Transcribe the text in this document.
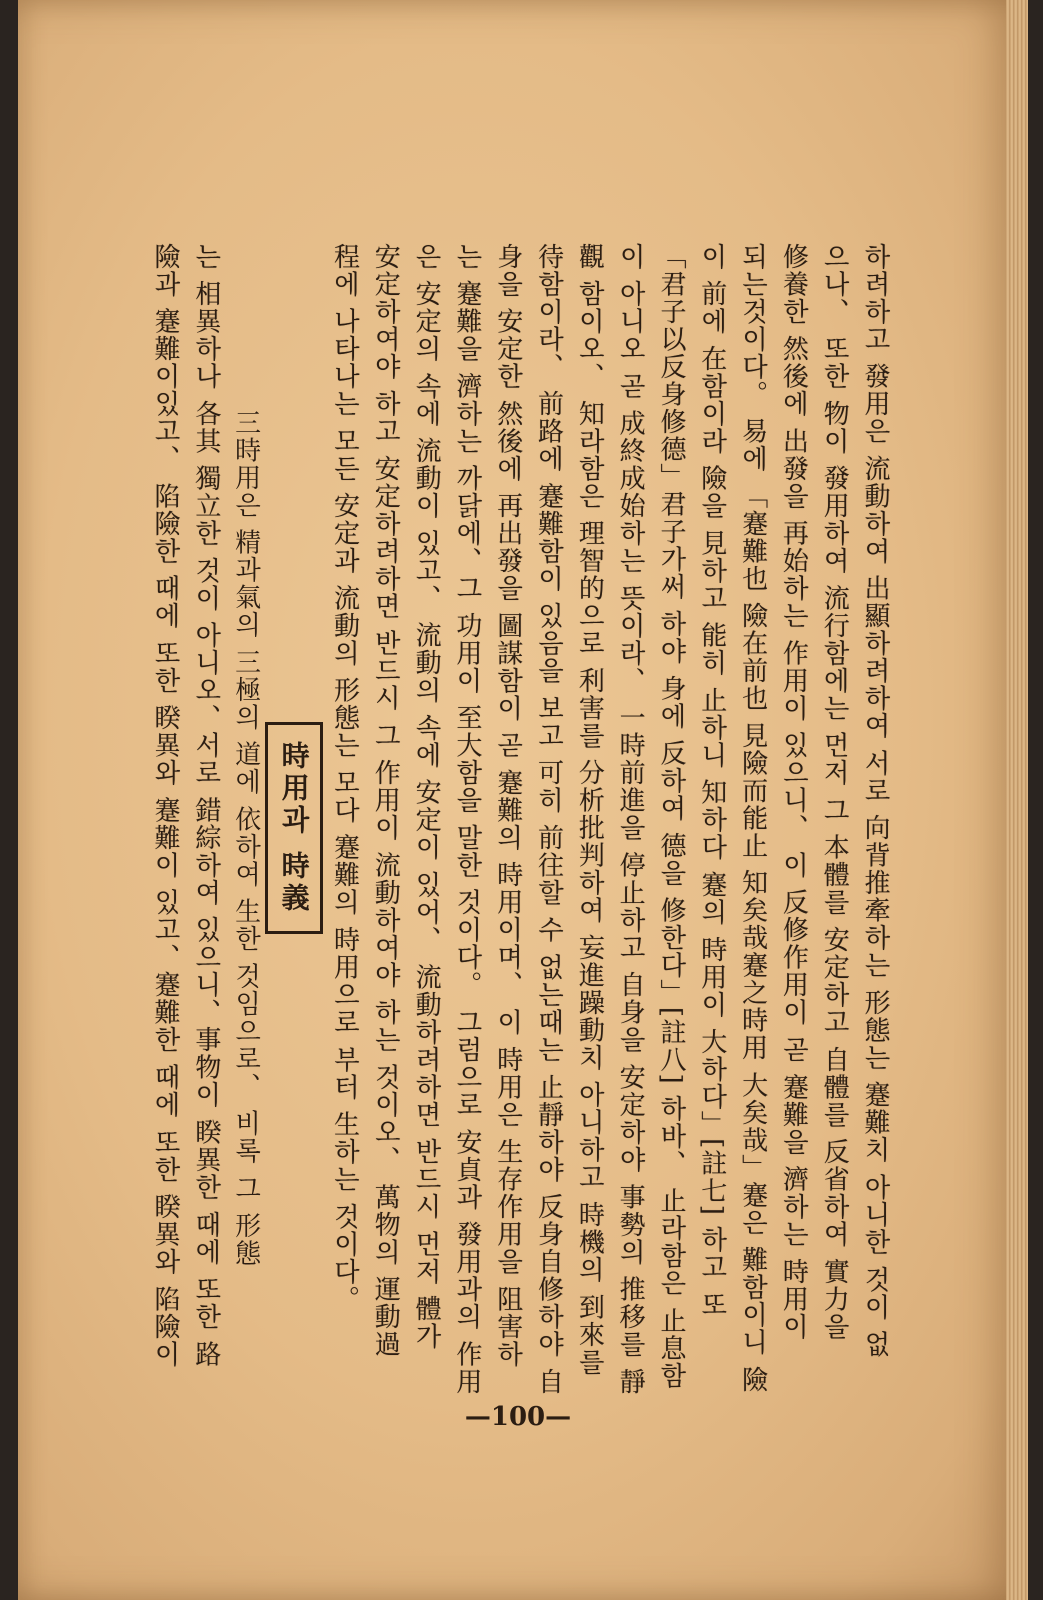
하려하고 發用은 流動하여 出顯하려하여 서로 向背推牽하는 形態는 蹇難치 아니한 것이 없
으나、 또한 物이 發用하여 流行함에는 먼저 그 本體를 安定하고 自體를 反省하여 實力을
修養한 然後에 出發을 再始하는 作用이 있으니、 이 反修作用이 곧 蹇難을 濟하는 時用이
되는것이다。 易에 「蹇難也 險在前也 見險而能止 知矣哉蹇之時用 大矣哉」蹇은 難함이니 險
이 前에 在함이라 險을 見하고 能히 止하니 知하다 蹇의 時用이 大하다」[註七] 하고 또
「君子以反身修德」君子가써 하야 身에 反하여 德을 修한다」[註八] 하바、 止라함은 止息함
이 아니오 곧 成終成始하는 뜻이라、 一時前進을 停止하고 自身을 安定하야 事勢의 推移를 靜
觀 함이오、 知라함은 理智的으로 利害를 分析批判하여 妄進躁動치 아니하고 時機의 到來를
待함이라、 前路에 蹇難함이 있음을 보고 可히 前往할 수 없는때는 止靜하야 反身自修하야 自
身을 安定한 然後에 再出發을 圖謀함이 곧 蹇難의 時用이며、 이 時用은 生存作用을 阻害하
는 蹇難을 濟하는 까닭에、그 功用이 至大함을 말한 것이다。 그럼으로 安貞과 發用과의 作用
은 安定의 속에 流動이 있고、 流動의 속에 安定이 있어、 流動하려하면 반드시 먼저 體가
安定하여야 하고 安定하려하면 반드시 그 作用이 流動하여야 하는 것이오、 萬物의 運動過
程에 나타나는 모든 安定과 流動의 形態는 모다 蹇難의 時用으로 부터 生하는 것이다。
時用과 時義
三時用은 精과氣의 三極의 道에 依하여 生한 것임으로、 비록 그 形態
는 相異하나 各其 獨立한 것이 아니오、서로 錯綜하여 있으니、事物이 睽異한 때에 또한 路
險과 蹇難이있고、 陷險한 때에 또한 睽異와 蹇難이 있고、蹇難한 때에 또한 睽異와 陷險이
—100—
